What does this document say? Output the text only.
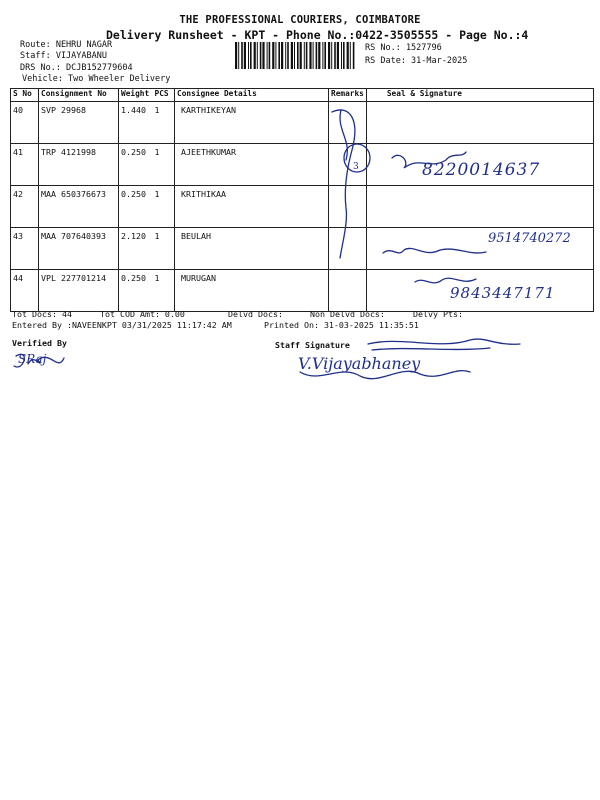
THE PROFESSIONAL COURIERS, COIMBATORE
Delivery Runsheet - KPT - Phone No.:0422-3505555 - Page No.:4
Route: NEHRU NAGAR
Staff: VIJAYABANU
DRS No.: DCJB152779604
Vehicle: Two Wheeler Delivery
RS No.: 1527796
RS Date: 31-Mar-2025
S No	Consignment No	Weight	PCS	Consignee Details	Remarks	Seal & Signature
40	SVP 29968	1.440	1	KARTHIKEYAN		
41	TRP 4121998	0.250	1	AJEETHKUMAR		
42	MAA 650376673	0.250	1	KRITHIKAA		
43	MAA 707640393	2.120	1	BEULAH		
44	VPL 227701214	0.250	1	MURUGAN		
Tot Docs: 44	Tot COD Amt: 0.00	Delvd Docs:	Non Delvd Docs:	Delvy Pts:
Entered By :NAVEENKPT 03/31/2025 11:17:42 AM	Printed On: 31-03-2025 11:35:51
Verified By	Staff Signature
3	8220014637
9514740272
9843447171
V.Vijayabhaney
SRaj
